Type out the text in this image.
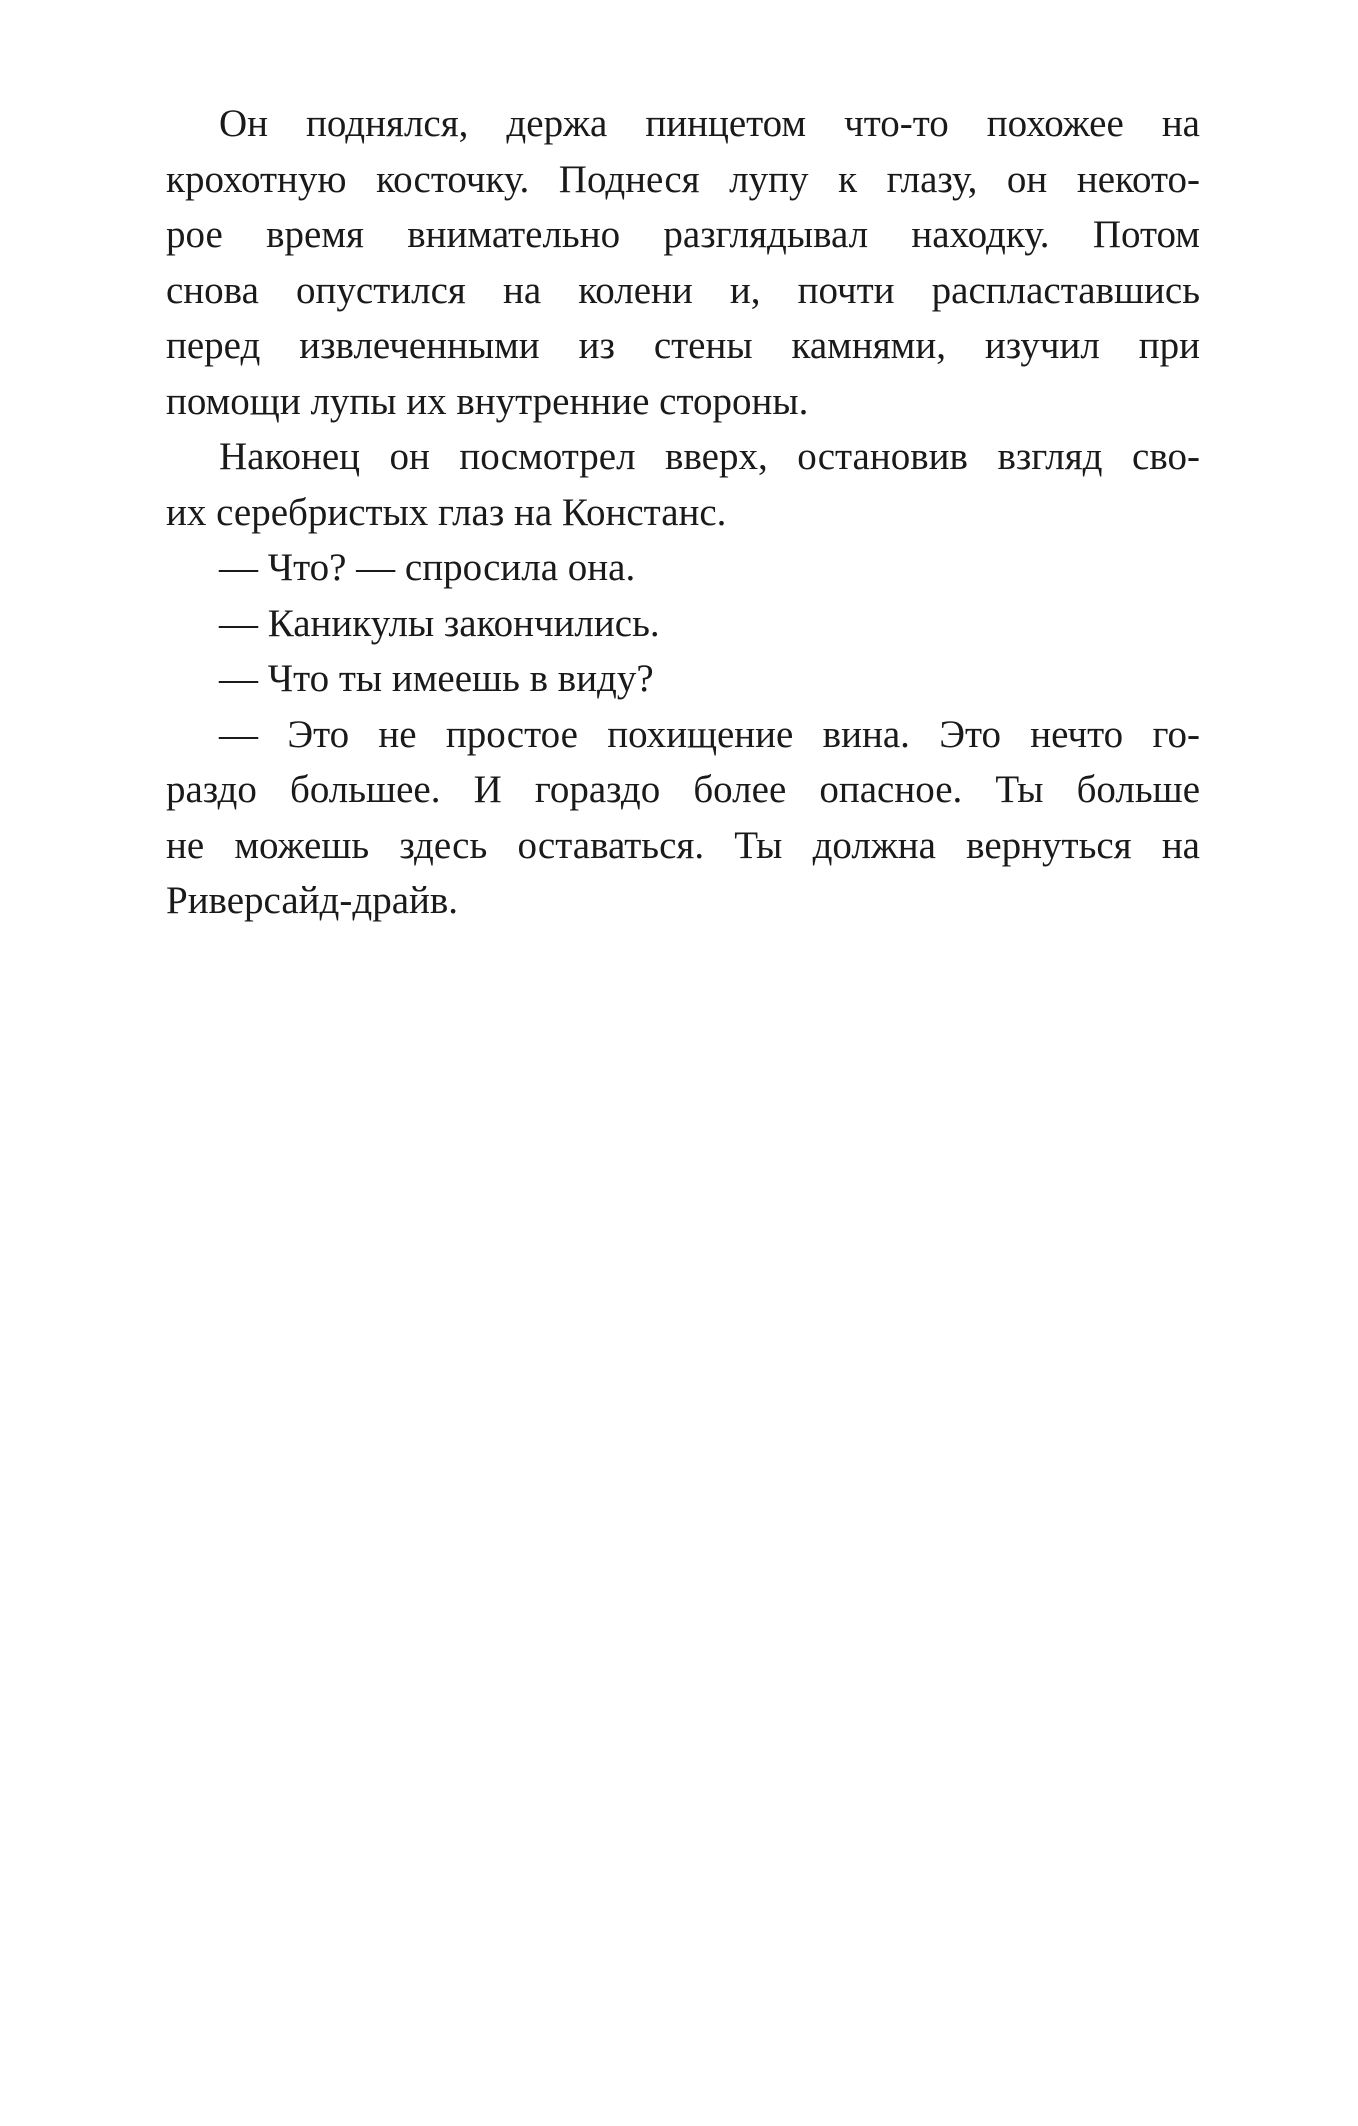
Он поднялся, держа пинцетом что-то похожее на
крохотную косточку. Поднеся лупу к глазу, он некото-
рое время внимательно разглядывал находку. Потом
снова опустился на колени и, почти распластавшись
перед извлеченными из стены камнями, изучил при
помощи лупы их внутренние стороны.
Наконец он посмотрел вверх, остановив взгляд сво-
их серебристых глаз на Констанс.
— Что? — спросила она.
— Каникулы закончились.
— Что ты имеешь в виду?
— Это не простое похищение вина. Это нечто го-
раздо большее. И гораздо более опасное. Ты больше
не можешь здесь оставаться. Ты должна вернуться на
Риверсайд-драйв.
